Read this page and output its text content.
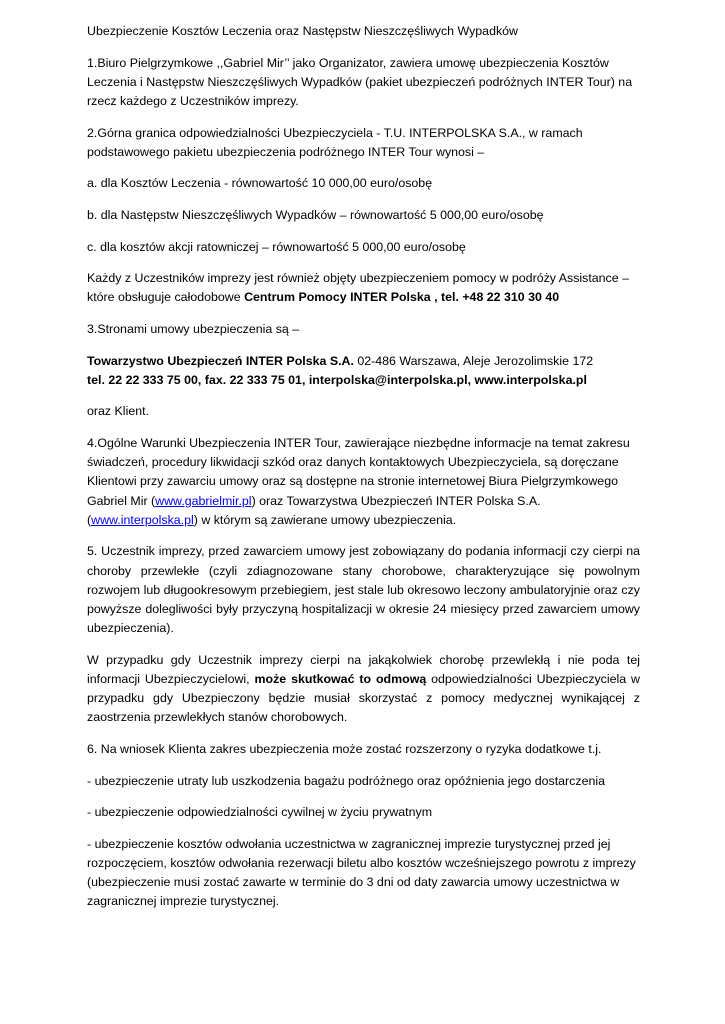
Ubezpieczenie Kosztów Leczenia oraz Następstw Nieszczęśliwych Wypadków

1.Biuro Pielgrzymkowe ,,Gabriel Mir’’ jako Organizator, zawiera umowę ubezpieczenia Kosztów Leczenia i Następstw Nieszczęśliwych Wypadków (pakiet ubezpieczeń podróżnych INTER Tour) na rzecz każdego z Uczestników imprezy.

2.Górna granica odpowiedzialności Ubezpieczyciela - T.U. INTERPOLSKA S.A., w ramach podstawowego pakietu ubezpieczenia podróżnego INTER Tour wynosi –

a. dla Kosztów Leczenia - równowartość 10 000,00 euro/osobę

b. dla Następstw Nieszczęśliwych Wypadków – równowartość 5 000,00 euro/osobę

c. dla kosztów akcji ratowniczej – równowartość 5 000,00 euro/osobę

Każdy z Uczestników imprezy jest również objęty ubezpieczeniem pomocy w podróży Assistance – które obsługuje całodobowe Centrum Pomocy INTER Polska , tel. +48 22 310 30 40

3.Stronami umowy ubezpieczenia są –

Towarzystwo Ubezpieczeń INTER Polska S.A. 02-486 Warszawa, Aleje Jerozolimskie 172
tel. 22 22 333 75 00, fax. 22 333 75 01, interpolska@interpolska.pl, www.interpolska.pl

oraz Klient.

4.Ogólne Warunki Ubezpieczenia INTER Tour, zawierające niezbędne informacje na temat zakresu świadczeń, procedury likwidacji szkód oraz danych kontaktowych Ubezpieczyciela, są doręczane Klientowi przy zawarciu umowy oraz są dostępne na stronie internetowej Biura Pielgrzymkowego Gabriel Mir (www.gabrielmir.pl) oraz Towarzystwa Ubezpieczeń INTER Polska S.A. (www.interpolska.pl) w którym są zawierane umowy ubezpieczenia.

5. Uczestnik imprezy, przed zawarciem umowy jest zobowiązany do podania informacji czy cierpi na choroby przewlekłe (czyli zdiagnozowane stany chorobowe, charakteryzujące się powolnym rozwojem lub długookresowym przebiegiem, jest stale lub okresowo leczony ambulatoryjnie oraz czy powyższe dolegliwości były przyczyną hospitalizacji w okresie 24 miesięcy przed zawarciem umowy ubezpieczenia).

W przypadku gdy Uczestnik imprezy cierpi na jakąkolwiek chorobę przewlekłą i nie poda tej informacji Ubezpieczycielowi, może skutkować to odmową odpowiedzialności Ubezpieczyciela w przypadku gdy Ubezpieczony będzie musiał skorzystać z pomocy medycznej wynikającej z zaostrzenia przewlekłych stanów chorobowych.

6. Na wniosek Klienta zakres ubezpieczenia może zostać rozszerzony o ryzyka dodatkowe t.j.

- ubezpieczenie utraty lub uszkodzenia bagażu podróżnego oraz opóźnienia jego dostarczenia

- ubezpieczenie odpowiedzialności cywilnej w życiu prywatnym

- ubezpieczenie kosztów odwołania uczestnictwa w zagranicznej imprezie turystycznej przed jej rozpoczęciem, kosztów odwołania rezerwacji biletu albo kosztów wcześniejszego powrotu z imprezy (ubezpieczenie musi zostać zawarte w terminie do 3 dni od daty zawarcia umowy uczestnictwa w zagranicznej imprezie turystycznej.
